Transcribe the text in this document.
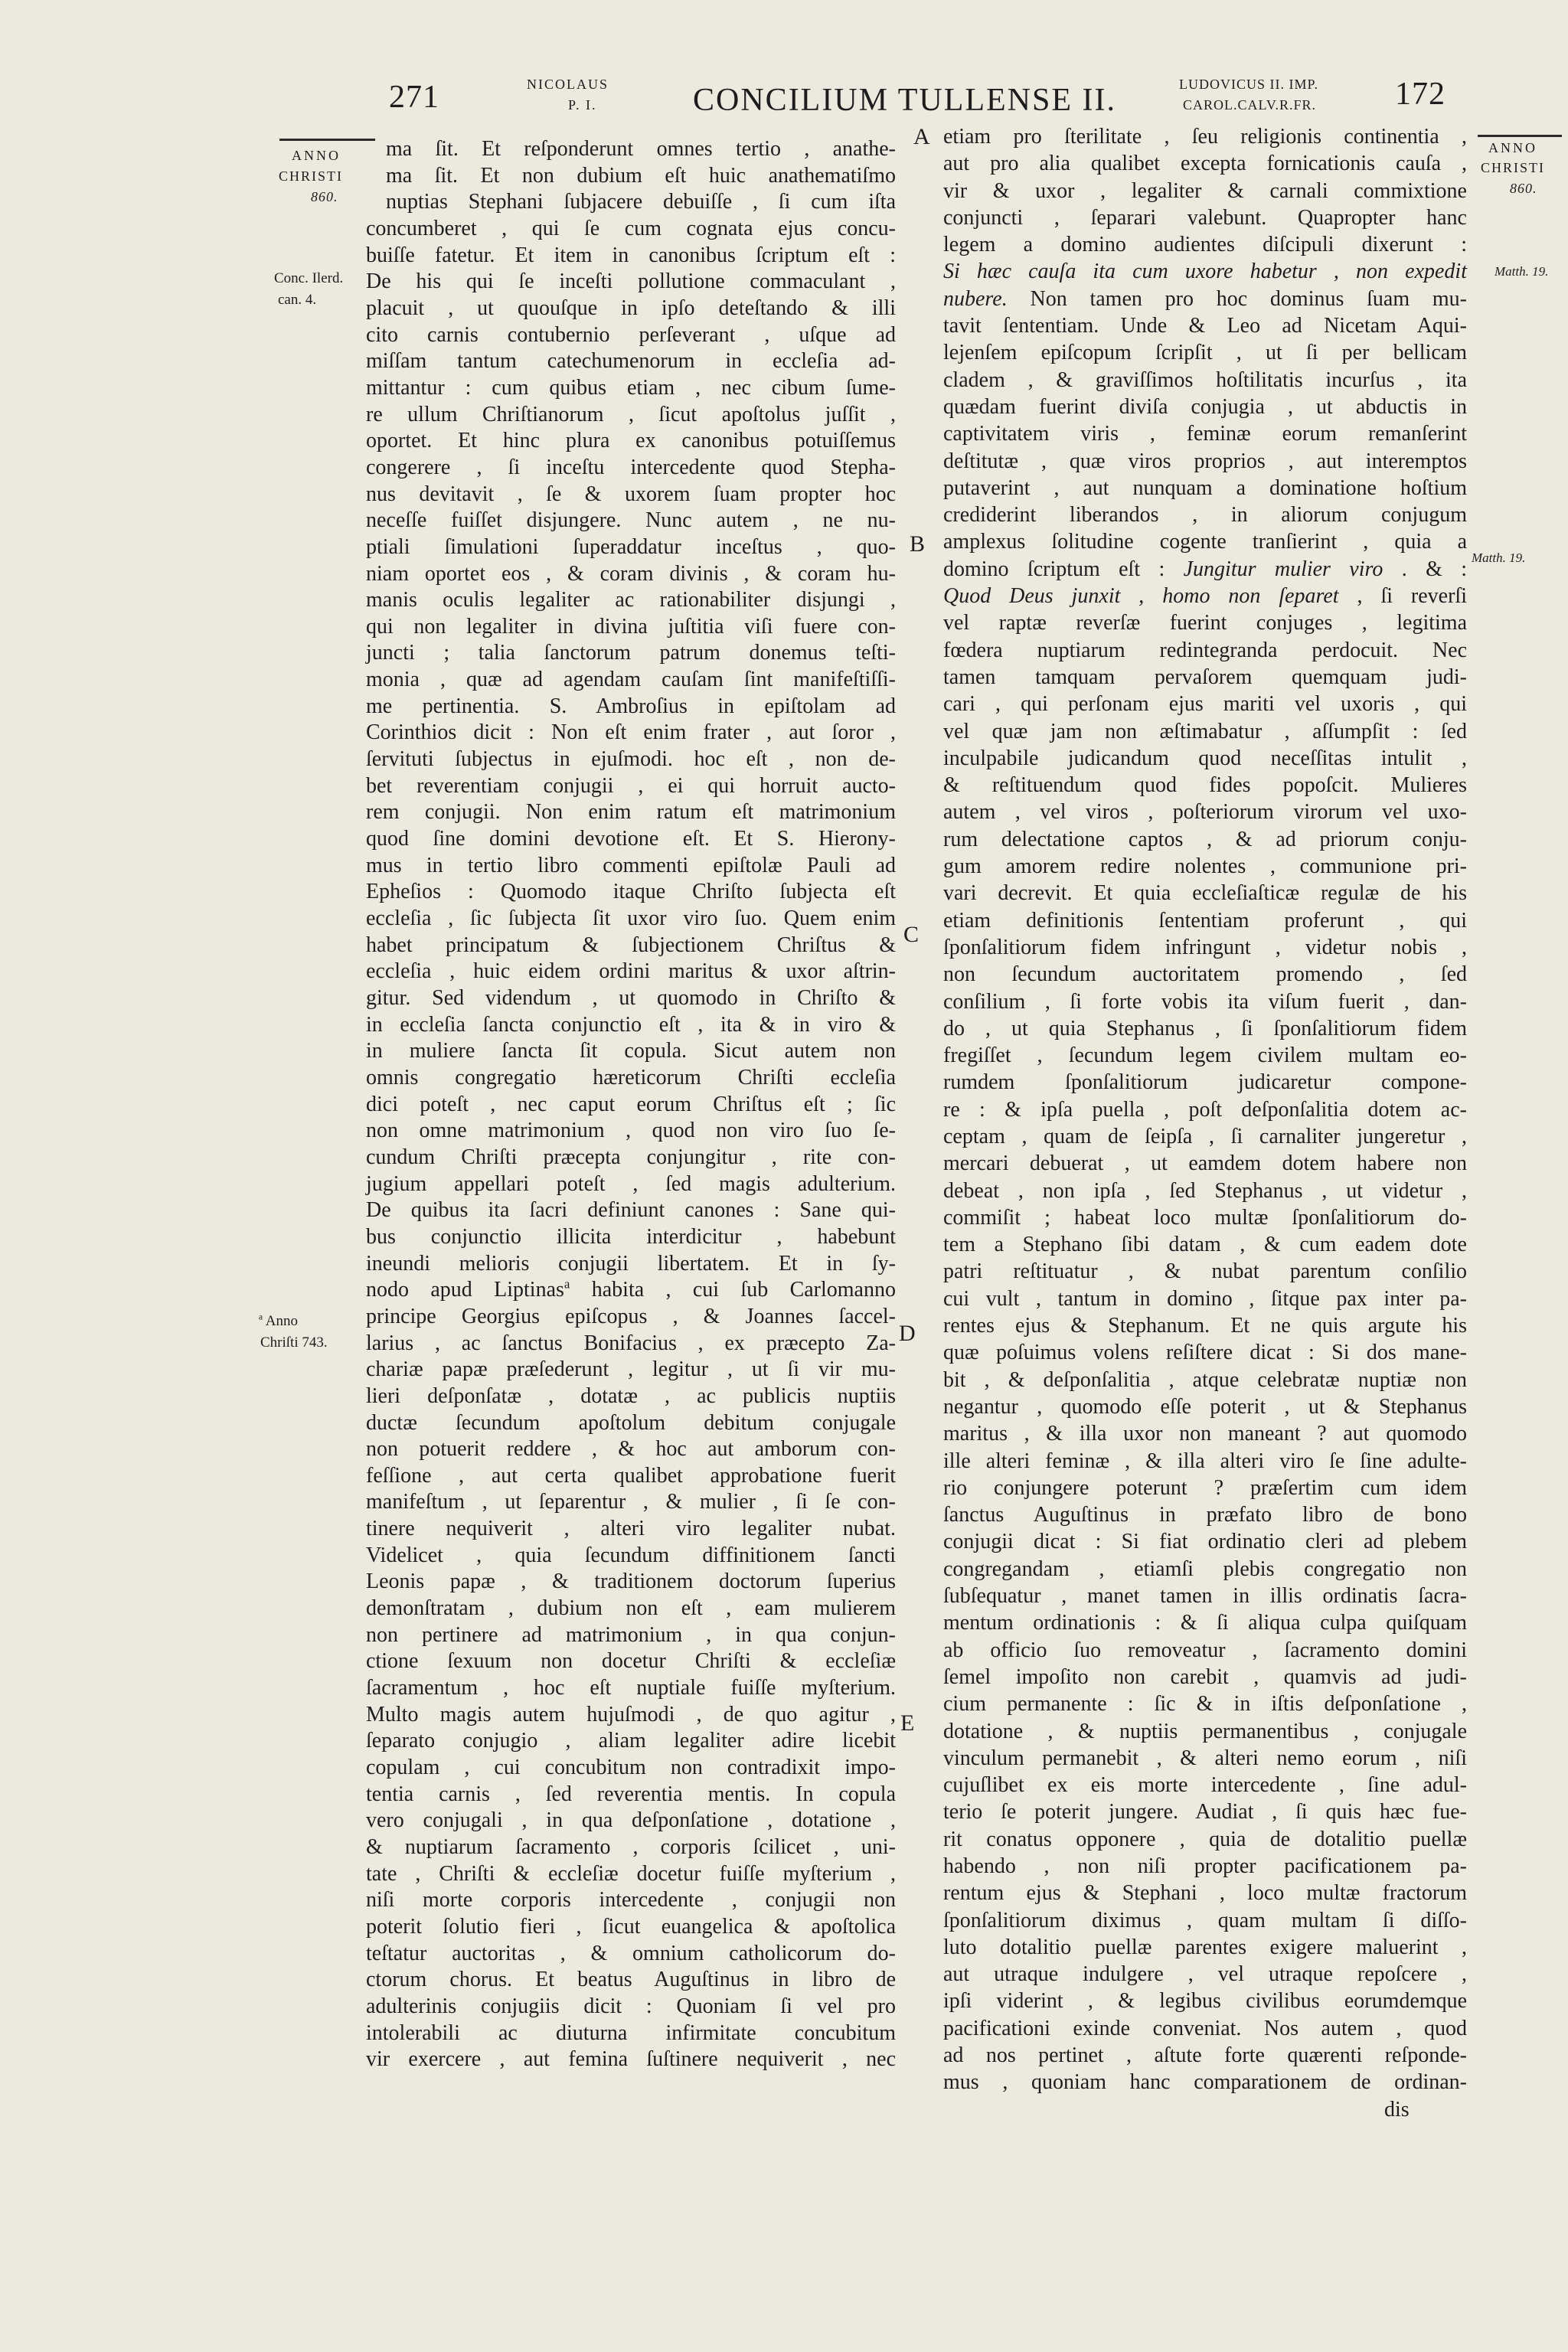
271	NICOLAUS
P. I.	CONCILIUM TULLENSE II.	LUDOVICUS II. IMP.
CAROL.CALV.R.FR. 172
ANNO
CHRISTI
860.
Conc. Ilerd.
can. 4.
$^a$ Anno
Chriſti 743.
ANNO
CHRISTI
860.
Matth. 19.
Matth. 19.
A
B
C
D
E
ma ſit. Et reſponderunt omnes tertio , anathe-
ma ſit. Et non dubium eſt huic anathematiſmo
nuptias Stephani ſubjacere debuiſſe , ſi cum iſta
concumberet , qui ſe cum cognata ejus concu-
buiſſe fatetur. Et item in canonibus ſcriptum eſt :
De his qui ſe inceſti pollutione commaculant ,
placuit , ut quouſque in ipſo deteſtando & illi
cito carnis contubernio perſeverant , uſque ad
miſſam tantum catechumenorum in eccleſia ad-
mittantur : cum quibus etiam , nec cibum ſume-
re ullum Chriſtianorum , ſicut apoſtolus juſſit ,
oportet. Et hinc plura ex canonibus potuiſſemus
congerere , ſi inceſtu intercedente quod Stepha-
nus devitavit , ſe & uxorem ſuam propter hoc
neceſſe fuiſſet disjungere. Nunc autem , ne nu-
ptiali ſimulationi ſuperaddatur inceſtus , quo-
niam oportet eos , & coram divinis , & coram hu-
manis oculis legaliter ac rationabiliter disjungi ,
qui non legaliter in divina juſtitia viſi fuere con-
juncti ; talia ſanctorum patrum donemus teſti-
monia , quæ ad agendam cauſam ſint manifeſtiſſi-
me pertinentia. S. Ambroſius in epiſtolam ad
Corinthios dicit : Non eſt enim frater , aut ſoror ,
ſervituti ſubjectus in ejuſmodi. hoc eſt , non de-
bet reverentiam conjugii , ei qui horruit aucto-
rem conjugii. Non enim ratum eſt matrimonium
quod ſine domini devotione eſt. Et S. Hierony-
mus in tertio libro commenti epiſtolæ Pauli ad
Epheſios : Quomodo itaque Chriſto ſubjecta eſt
eccleſia , ſic ſubjecta ſit uxor viro ſuo. Quem enim
habet principatum & ſubjectionem Chriſtus &
eccleſia , huic eidem ordini maritus & uxor aſtrin-
gitur. Sed videndum , ut quomodo in Chriſto &
in eccleſia ſancta conjunctio eſt , ita & in viro &
in muliere ſancta ſit copula. Sicut autem non
omnis congregatio hæreticorum Chriſti eccleſia
dici poteſt , nec caput eorum Chriſtus eſt ; ſic
non omne matrimonium , quod non viro ſuo ſe-
cundum Chriſti præcepta conjungitur , rite con-
jugium appellari poteſt , ſed magis adulterium.
De quibus ita ſacri definiunt canones : Sane qui-
bus conjunctio illicita interdicitur , habebunt
ineundi melioris conjugii libertatem. Et in ſy-
nodo apud Liptinas$^a$ habita , cui ſub Carlomanno
principe Georgius epiſcopus , & Joannes ſaccel-
larius , ac ſanctus Bonifacius , ex præcepto Za-
chariæ papæ præſederunt , legitur , ut ſi vir mu-
lieri deſponſatæ , dotatæ , ac publicis nuptiis
ductæ ſecundum apoſtolum debitum conjugale
non potuerit reddere , & hoc aut amborum con-
feſſione , aut certa qualibet approbatione fuerit
manifeſtum , ut ſeparentur , & mulier , ſi ſe con-
tinere nequiverit , alteri viro legaliter nubat.
Videlicet , quia ſecundum diffinitionem ſancti
Leonis papæ , & traditionem doctorum ſuperius
demonſtratam , dubium non eſt , eam mulierem
non pertinere ad matrimonium , in qua conjun-
ctione ſexuum non docetur Chriſti & eccleſiæ
ſacramentum , hoc eſt nuptiale fuiſſe myſterium.
Multo magis autem hujuſmodi , de quo agitur ,
ſeparato conjugio , aliam legaliter adire licebit
copulam , cui concubitum non contradixit impo-
tentia carnis , ſed reverentia mentis. In copula
vero conjugali , in qua deſponſatione , dotatione ,
& nuptiarum ſacramento , corporis ſcilicet , uni-
tate , Chriſti & eccleſiæ docetur fuiſſe myſterium ,
niſi morte corporis intercedente , conjugii non
poterit ſolutio fieri , ſicut euangelica & apoſtolica
teſtatur auctoritas , & omnium catholicorum do-
ctorum chorus. Et beatus Auguſtinus in libro de
adulterinis conjugiis dicit : Quoniam ſi vel pro
intolerabili ac diuturna infirmitate concubitum
vir exercere , aut femina ſuſtinere nequiverit , nec
etiam pro ſterilitate , ſeu religionis continentia ,
aut pro alia qualibet excepta fornicationis cauſa ,
vir & uxor , legaliter & carnali commixtione
conjuncti , ſeparari valebunt. Quapropter hanc
legem a domino audientes diſcipuli dixerunt :
Si hæc cauſa ita cum uxore habetur , non expedit
nubere. Non tamen pro hoc dominus ſuam mu-
tavit ſententiam. Unde & Leo ad Nicetam Aqui-
lejenſem epiſcopum ſcripſit , ut ſi per bellicam
cladem , & graviſſimos hoſtilitatis incurſus , ita
quædam fuerint diviſa conjugia , ut abductis in
captivitatem viris , feminæ eorum remanſerint
deſtitutæ , quæ viros proprios , aut interemptos
putaverint , aut nunquam a dominatione hoſtium
crediderint liberandos , in aliorum conjugum
amplexus ſolitudine cogente tranſierint , quia a
domino ſcriptum eſt : Jungitur mulier viro . & :
Quod Deus junxit , homo non ſeparet , ſi reverſi
vel raptæ reverſæ fuerint conjuges , legitima
fœdera nuptiarum redintegranda perdocuit. Nec
tamen tamquam pervaſorem quemquam judi-
cari , qui perſonam ejus mariti vel uxoris , qui
vel quæ jam non æſtimabatur , aſſumpſit : ſed
inculpabile judicandum quod neceſſitas intulit ,
& reſtituendum quod fides popoſcit. Mulieres
autem , vel viros , poſteriorum virorum vel uxo-
rum delectatione captos , & ad priorum conju-
gum amorem redire nolentes , communione pri-
vari decrevit. Et quia eccleſiaſticæ regulæ de his
etiam definitionis ſententiam proferunt , qui
ſponſalitiorum fidem infringunt , videtur nobis ,
non ſecundum auctoritatem promendo , ſed
conſilium , ſi forte vobis ita viſum fuerit , dan-
do , ut quia Stephanus , ſi ſponſalitiorum fidem
fregiſſet , ſecundum legem civilem multam eo-
rumdem ſponſalitiorum judicaretur compone-
re : & ipſa puella , poſt deſponſalitia dotem ac-
ceptam , quam de ſeipſa , ſi carnaliter jungeretur ,
mercari debuerat , ut eamdem dotem habere non
debeat , non ipſa , ſed Stephanus , ut videtur ,
commiſit ; habeat loco multæ ſponſalitiorum do-
tem a Stephano ſibi datam , & cum eadem dote
patri reſtituatur , & nubat parentum conſilio
cui vult , tantum in domino , ſitque pax inter pa-
rentes ejus & Stephanum. Et ne quis argute his
quæ poſuimus volens reſiſtere dicat : Si dos mane-
bit , & deſponſalitia , atque celebratæ nuptiæ non
negantur , quomodo eſſe poterit , ut & Stephanus
maritus , & illa uxor non maneant ? aut quomodo
ille alteri feminæ , & illa alteri viro ſe ſine adulte-
rio conjungere poterunt ? præſertim cum idem
ſanctus Auguſtinus in præfato libro de bono
conjugii dicat : Si fiat ordinatio cleri ad plebem
congregandam , etiamſi plebis congregatio non
ſubſequatur , manet tamen in illis ordinatis ſacra-
mentum ordinationis : & ſi aliqua culpa quiſquam
ab officio ſuo removeatur , ſacramento domini
ſemel impoſito non carebit , quamvis ad judi-
cium permanente : ſic & in iſtis deſponſatione ,
dotatione , & nuptiis permanentibus , conjugale
vinculum permanebit , & alteri nemo eorum , niſi
cujuſlibet ex eis morte intercedente , ſine adul-
terio ſe poterit jungere. Audiat , ſi quis hæc fue-
rit conatus opponere , quia de dotalitio puellæ
habendo , non niſi propter pacificationem pa-
rentum ejus & Stephani , loco multæ fractorum
ſponſalitiorum diximus , quam multam ſi diſſo-
luto dotalitio puellæ parentes exigere maluerint ,
aut utraque indulgere , vel utraque repoſcere ,
ipſi viderint , & legibus civilibus eorumdemque
pacificationi exinde conveniat. Nos autem , quod
ad nos pertinet , aſtute forte quærenti reſponde-
mus , quoniam hanc comparationem de ordinan-
dis
